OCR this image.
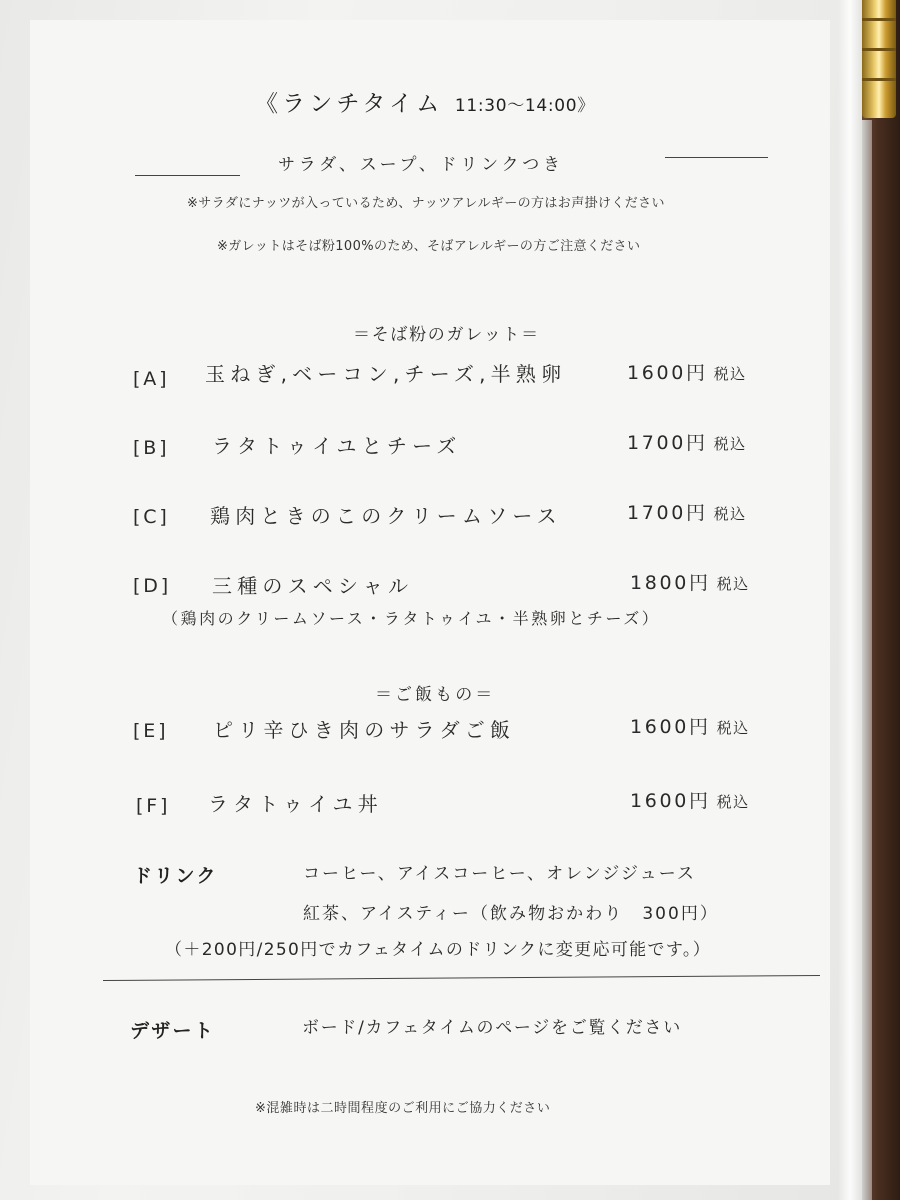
《ランチタイム 11:30〜14:00》
サラダ、スープ、ドリンクつき
※サラダにナッツが入っているため、ナッツアレルギーの方はお声掛けください
※ガレットはそば粉100%のため、そばアレルギーの方ご注意ください
＝そば粉のガレット＝
[A] 玉ねぎ,ベーコン,チーズ,半熟卵	1600円 税込
[B] ラタトゥイユとチーズ	1700円 税込
[C] 鶏肉ときのこのクリームソース	1700円 税込
[D] 三種のスペシャル	1800円 税込
（鶏肉のクリームソース・ラタトゥイユ・半熟卵とチーズ）
＝ご飯もの＝
[E] ピリ辛ひき肉のサラダご飯	1600円 税込
[F] ラタトゥイユ丼	1600円 税込
ドリンク	コーヒー、アイスコーヒー、オレンジジュース
紅茶、アイスティー（飲み物おかわり　300円）
（＋200円/250円でカフェタイムのドリンクに変更応可能です。）
デザート	ボード/カフェタイムのページをご覧ください
※混雑時は二時間程度のご利用にご協力ください
